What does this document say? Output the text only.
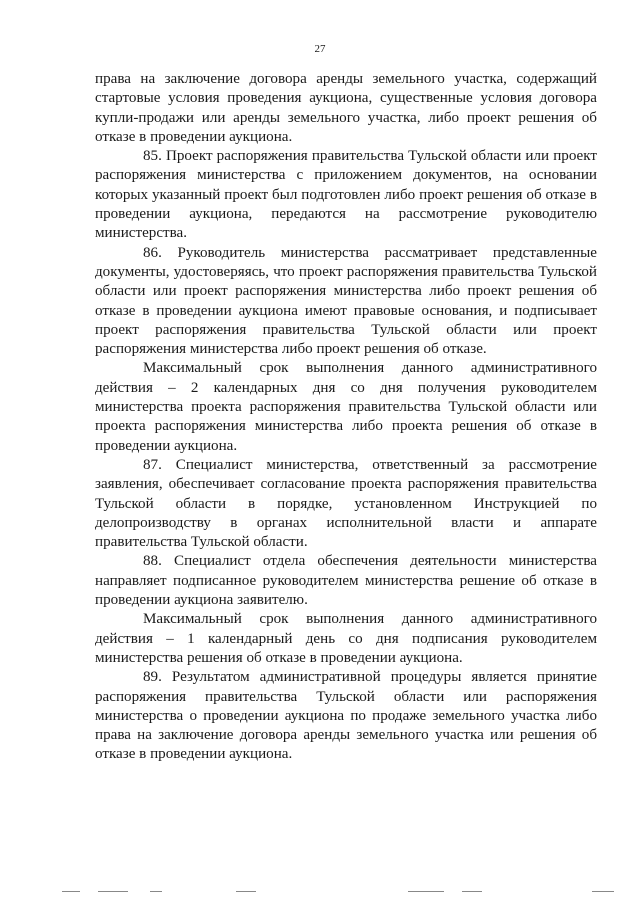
27

права на заключение договора аренды земельного участка, содержащий стартовые условия проведения аукциона, существенные условия договора купли-продажи или аренды земельного участка, либо проект решения об отказе в проведении аукциона.

85. Проект распоряжения правительства Тульской области или проект распоряжения министерства с приложением документов, на основании которых указанный проект был подготовлен либо проект решения об отказе в проведении аукциона, передаются на рассмотрение руководителю министерства.

86. Руководитель министерства рассматривает представленные документы, удостоверяясь, что проект распоряжения правительства Тульской области или проект распоряжения министерства либо проект решения об отказе в проведении аукциона имеют правовые основания, и подписывает проект распоряжения правительства Тульской области или проект распоряжения министерства либо проект решения об отказе.

Максимальный срок выполнения данного административного действия – 2 календарных дня со дня получения руководителем министерства проекта распоряжения правительства Тульской области или проекта распоряжения министерства либо проекта решения об отказе в проведении аукциона.

87. Специалист министерства, ответственный за рассмотрение заявления, обеспечивает согласование проекта распоряжения правительства Тульской области в порядке, установленном Инструкцией по делопроизводству в органах исполнительной власти и аппарате правительства Тульской области.

88. Специалист отдела обеспечения деятельности министерства направляет подписанное руководителем министерства решение об отказе в проведении аукциона заявителю.

Максимальный срок выполнения данного административного действия – 1 календарный день со дня подписания руководителем министерства решения об отказе в проведении аукциона.

89. Результатом административной процедуры является принятие распоряжения правительства Тульской области или распоряжения министерства о проведении аукциона по продаже земельного участка либо права на заключение договора аренды земельного участка или решения об отказе в проведении аукциона.
